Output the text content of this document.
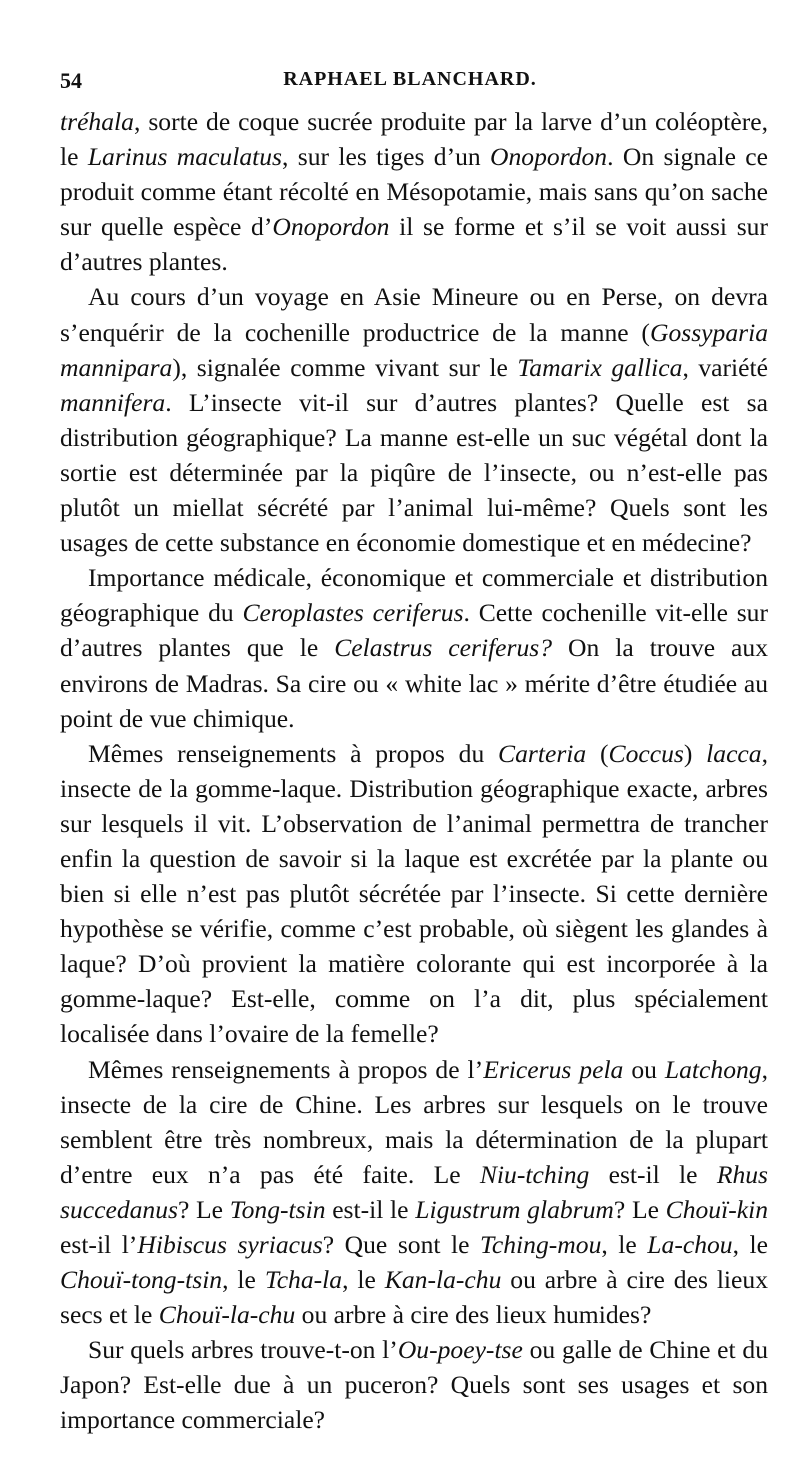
54	RAPHAEL BLANCHARD.

tréhala, sorte de coque sucrée produite par la larve d’un coléoptère, le Larinus maculatus, sur les tiges d’un Onopordon. On signale ce produit comme étant récolté en Mésopotamie, mais sans qu’on sache sur quelle espèce d’Onopordon il se forme et s’il se voit aussi sur d’autres plantes.

Au cours d’un voyage en Asie Mineure ou en Perse, on devra s’enquérir de la cochenille productrice de la manne (Gossyparia mannipara), signalée comme vivant sur le Tamarix gallica, variété mannifera. L’insecte vit-il sur d’autres plantes? Quelle est sa distribution géographique? La manne est-elle un suc végétal dont la sortie est déterminée par la piqûre de l’insecte, ou n’est-elle pas plutôt un miellat sécrété par l’animal lui-même? Quels sont les usages de cette substance en économie domestique et en médecine?

Importance médicale, économique et commerciale et distribution géographique du Ceroplastes ceriferus. Cette cochenille vit-elle sur d’autres plantes que le Celastrus ceriferus? On la trouve aux environs de Madras. Sa cire ou « white lac » mérite d’être étudiée au point de vue chimique.

Mêmes renseignements à propos du Carteria (Coccus) lacca, insecte de la gomme-laque. Distribution géographique exacte, arbres sur lesquels il vit. L’observation de l’animal permettra de trancher enfin la question de savoir si la laque est excrétée par la plante ou bien si elle n’est pas plutôt sécrétée par l’insecte. Si cette dernière hypothèse se vérifie, comme c’est probable, où siègent les glandes à laque? D’où provient la matière colorante qui est incorporée à la gomme-laque? Est-elle, comme on l’a dit, plus spécialement localisée dans l’ovaire de la femelle?

Mêmes renseignements à propos de l’Ericerus pela ou Latchong, insecte de la cire de Chine. Les arbres sur lesquels on le trouve semblent être très nombreux, mais la détermination de la plupart d’entre eux n’a pas été faite. Le Niu-tching est-il le Rhus succedanus? Le Tong-tsin est-il le Ligustrum glabrum? Le Chouï-kin est-il l’Hibiscus syriacus? Que sont le Tching-mou, le La-chou, le Chouï-tong-tsin, le Tcha-la, le Kan-la-chu ou arbre à cire des lieux secs et le Chouï-la-chu ou arbre à cire des lieux humides?

Sur quels arbres trouve-t-on l’Ou-poey-tse ou galle de Chine et du Japon? Est-elle due à un puceron? Quels sont ses usages et son importance commerciale?
